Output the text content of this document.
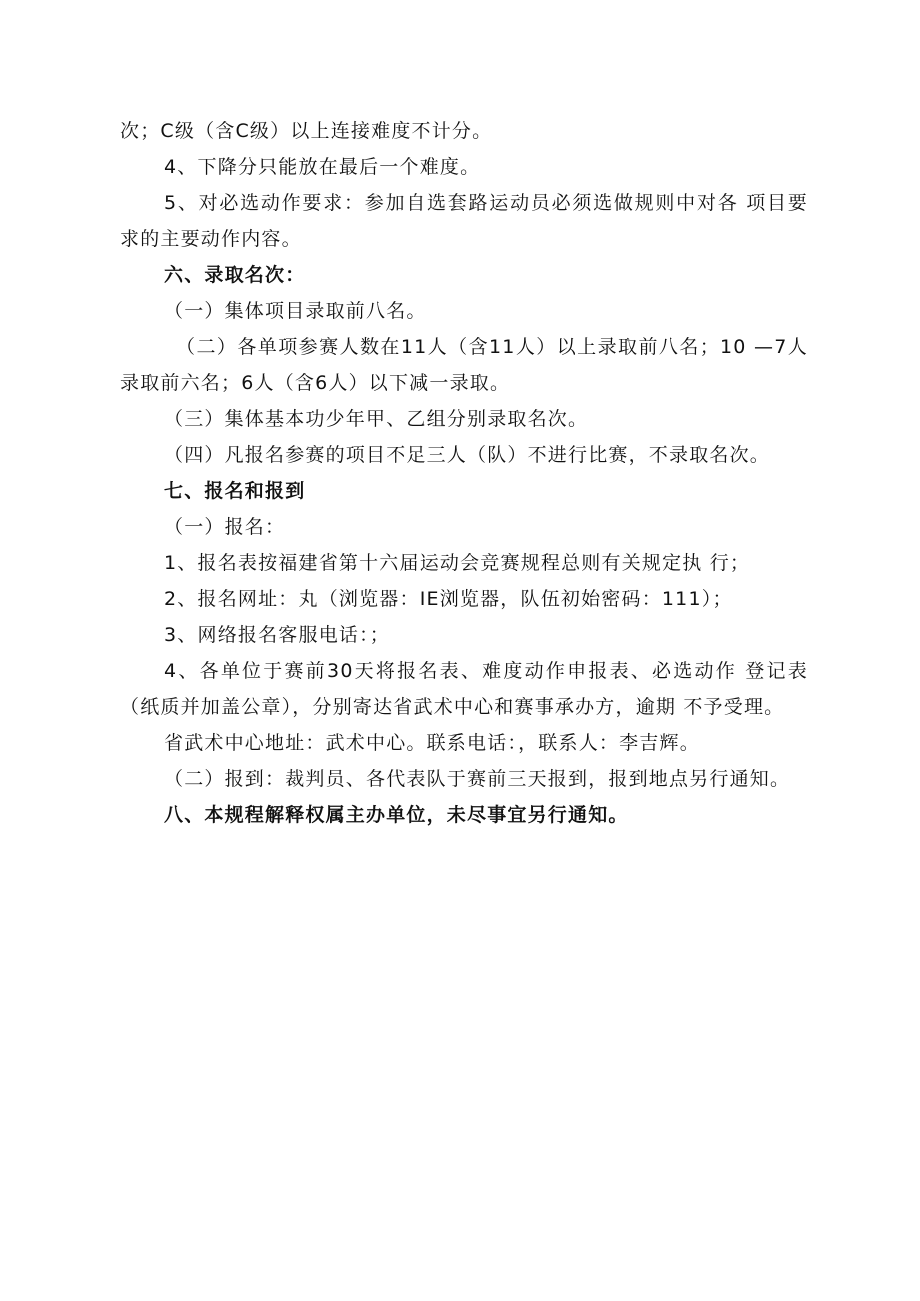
次；C级（含C级）以上连接难度不计分。

4、下降分只能放在最后一个难度。

5、对必选动作要求：参加自选套路运动员必须选做规则中对各 项目要求的主要动作内容。

六、录取名次：

（一）集体项目录取前八名。

（二）各单项参赛人数在11人（含11人）以上录取前八名；10 —7人录取前六名；6人（含6人）以下减一录取。

（三）集体基本功少年甲、乙组分别录取名次。

（四）凡报名参赛的项目不足三人（队）不进行比赛，不录取名次。

七、报名和报到

（一）报名：

1、报名表按福建省第十六届运动会竞赛规程总则有关规定执 行；

2、报名网址：丸（浏览器：IE浏览器，队伍初始密码：111）；

3、网络报名客服电话：；

4、各单位于赛前30天将报名表、难度动作申报表、必选动作 登记表（纸质并加盖公章），分别寄达省武术中心和赛事承办方，逾期 不予受理。

省武术中心地址：武术中心。联系电话：，联系人：李吉辉。

（二）报到：裁判员、各代表队于赛前三天报到，报到地点另行通知。

八、本规程解释权属主办单位，未尽事宜另行通知。
